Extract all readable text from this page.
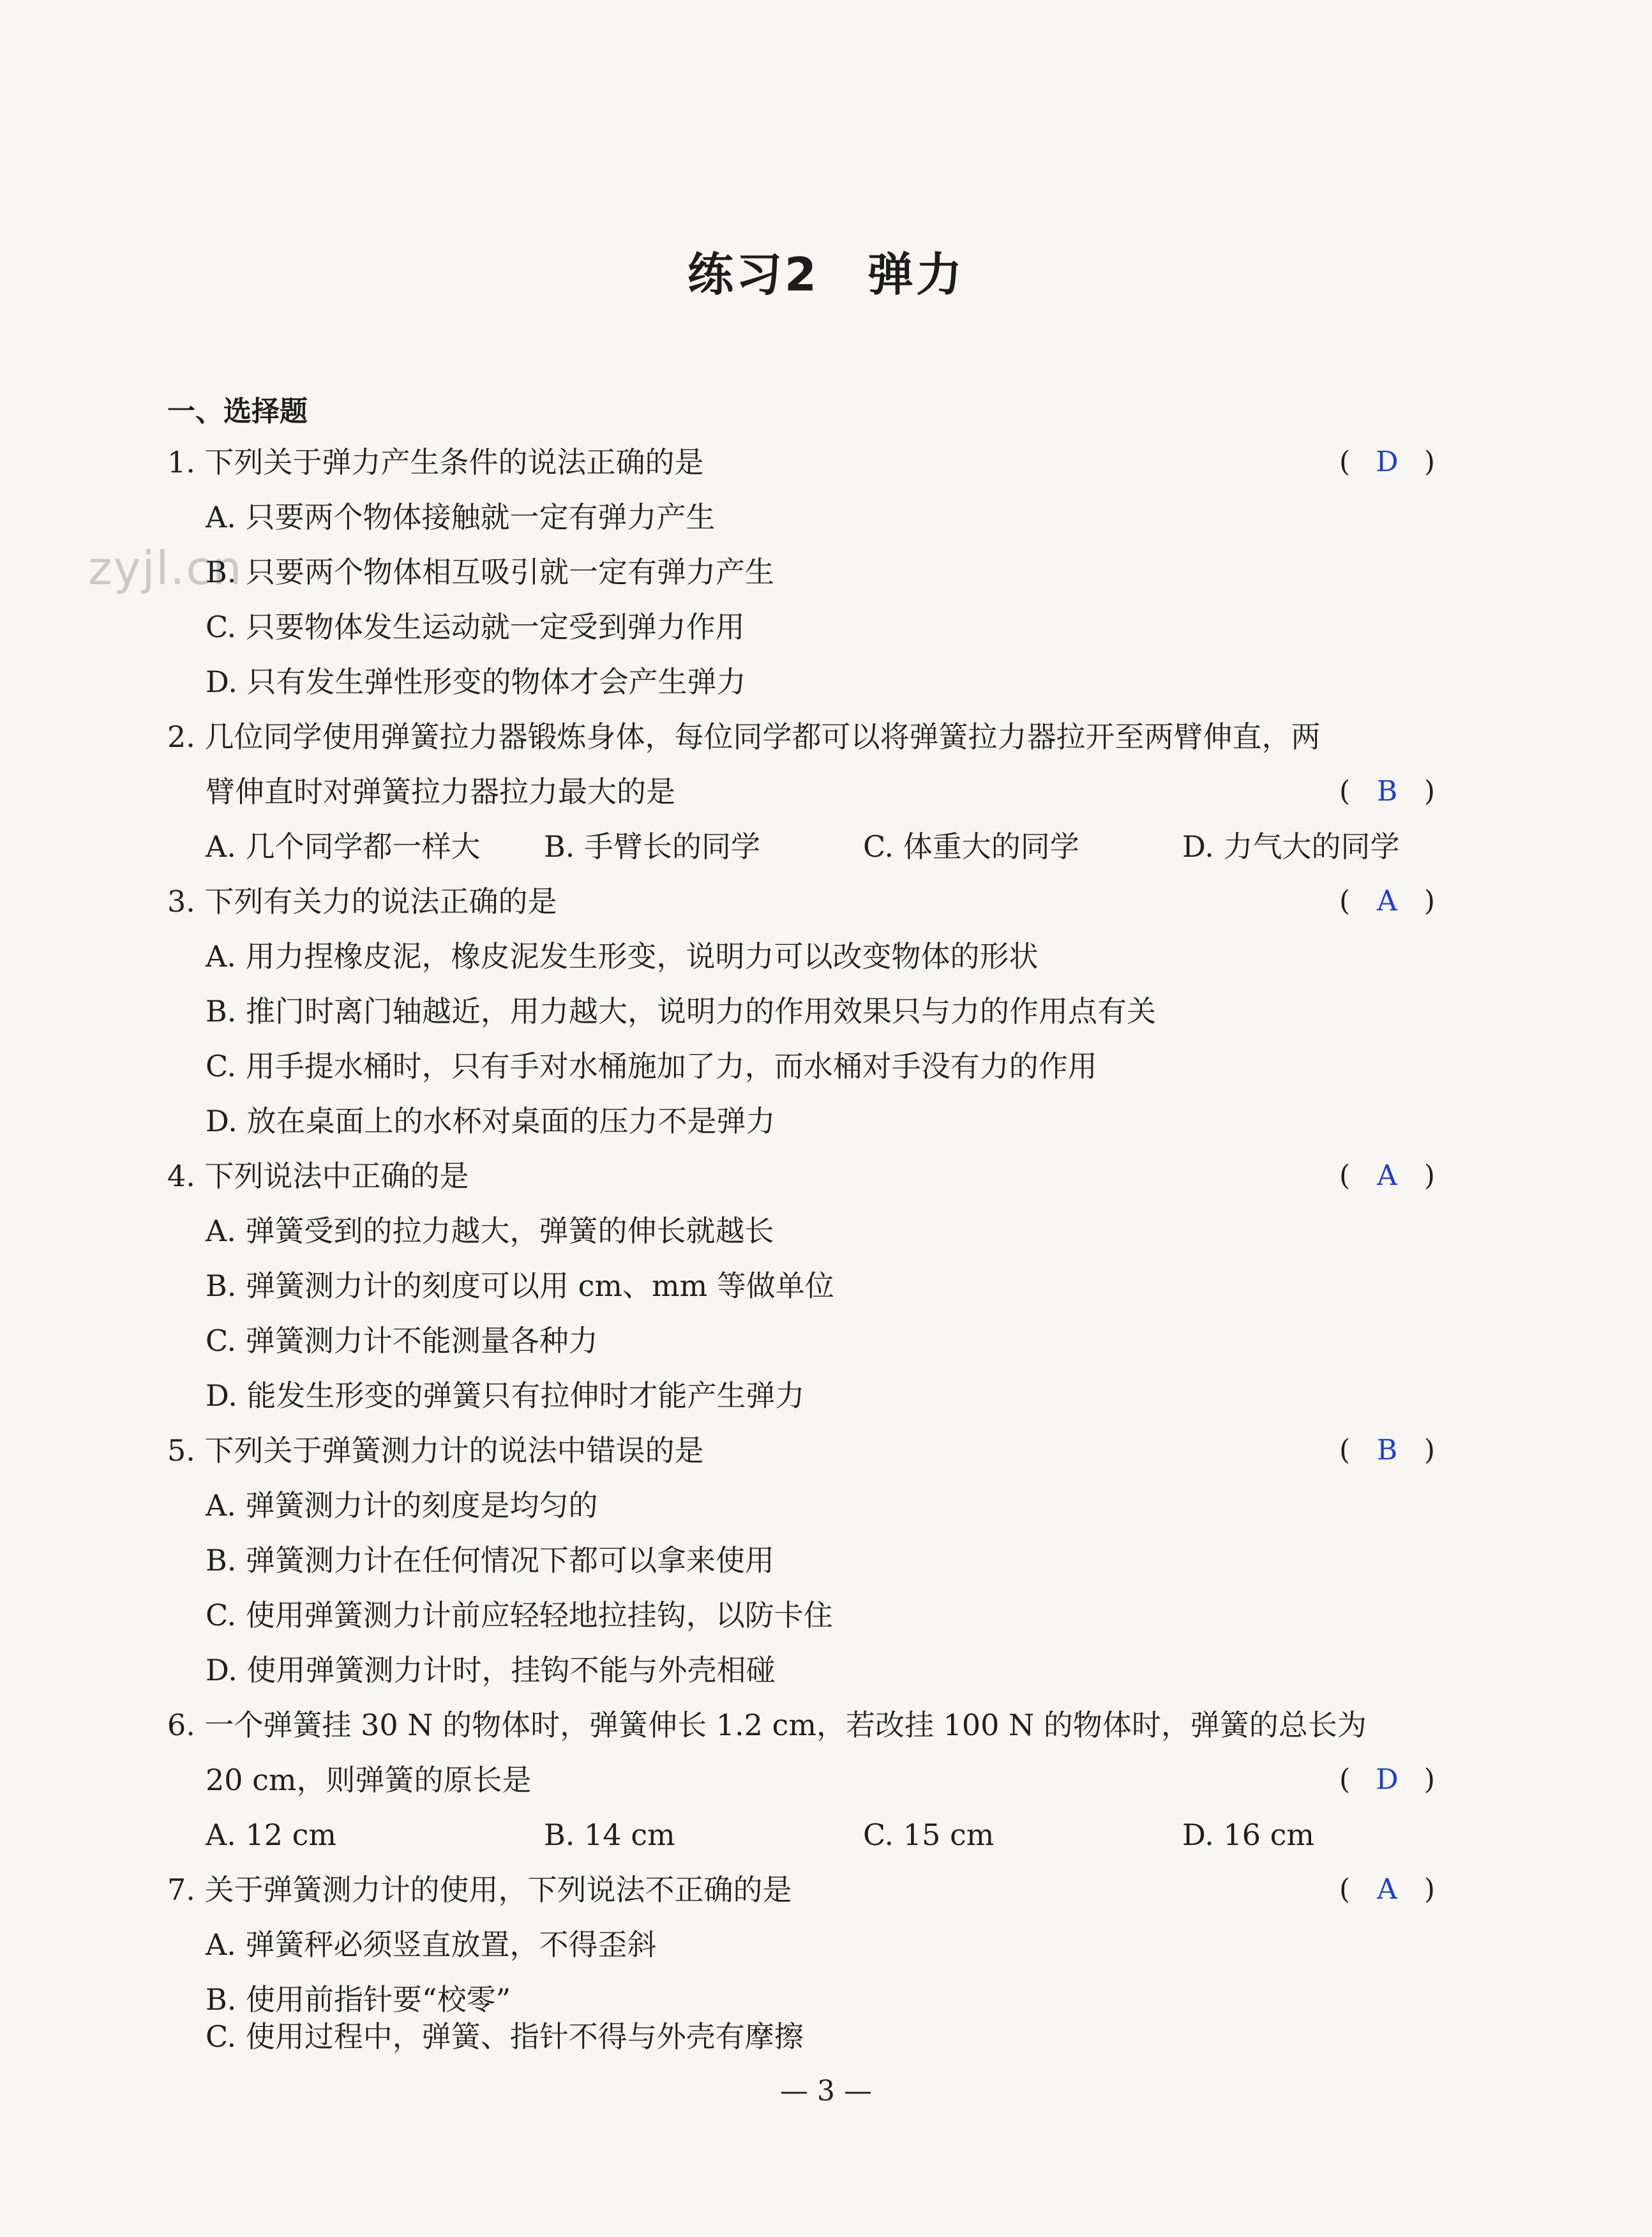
zyjl.cn
练习2　弹力
一、选择题
1. 下列关于弹力产生条件的说法正确的是	( D )
A. 只要两个物体接触就一定有弹力产生
B. 只要两个物体相互吸引就一定有弹力产生
C. 只要物体发生运动就一定受到弹力作用
D. 只有发生弹性形变的物体才会产生弹力
2. 几位同学使用弹簧拉力器锻炼身体，每位同学都可以将弹簧拉力器拉开至两臂伸直，两
臂伸直时对弹簧拉力器拉力最大的是	( B )
A. 几个同学都一样大 B. 手臂长的同学	C. 体重大的同学	D. 力气大的同学
3. 下列有关力的说法正确的是	( A )
A. 用力捏橡皮泥，橡皮泥发生形变，说明力可以改变物体的形状
B. 推门时离门轴越近，用力越大，说明力的作用效果只与力的作用点有关
C. 用手提水桶时，只有手对水桶施加了力，而水桶对手没有力的作用
D. 放在桌面上的水杯对桌面的压力不是弹力
4. 下列说法中正确的是	( A )
A. 弹簧受到的拉力越大，弹簧的伸长就越长
B. 弹簧测力计的刻度可以用 cm、mm 等做单位
C. 弹簧测力计不能测量各种力
D. 能发生形变的弹簧只有拉伸时才能产生弹力
5. 下列关于弹簧测力计的说法中错误的是	( B )
A. 弹簧测力计的刻度是均匀的
B. 弹簧测力计在任何情况下都可以拿来使用
C. 使用弹簧测力计前应轻轻地拉挂钩，以防卡住
D. 使用弹簧测力计时，挂钩不能与外壳相碰
6. 一个弹簧挂 30 N 的物体时，弹簧伸长 1.2 cm，若改挂 100 N 的物体时，弹簧的总长为
20 cm，则弹簧的原长是	( D )
A. 12 cm	B. 14 cm	C. 15 cm	D. 16 cm
7. 关于弹簧测力计的使用，下列说法不正确的是	( A )
A. 弹簧秤必须竖直放置，不得歪斜
B. 使用前指针要“校零”
C. 使用过程中，弹簧、指针不得与外壳有摩擦
— 3 —
